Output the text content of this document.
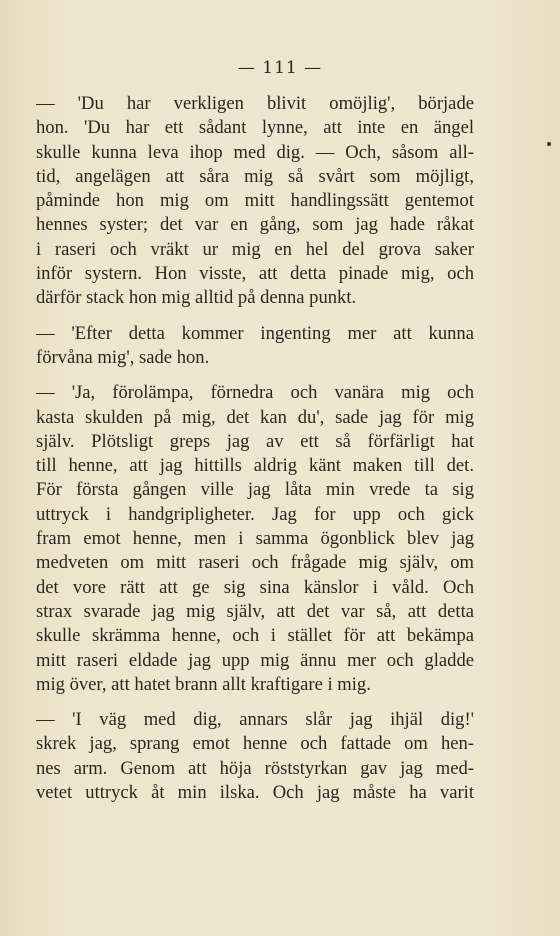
— 111 —

— 'Du har verkligen blivit omöjlig', började
hon. 'Du har ett sådant lynne, att inte en ängel
skulle kunna leva ihop med dig. — Och, såsom all-
tid, angelägen att såra mig så svårt som möjligt,
påminde hon mig om mitt handlingssätt gentemot
hennes syster; det var en gång, som jag hade råkat
i raseri och vräkt ur mig en hel del grova saker
inför systern. Hon visste, att detta pinade mig, och
därför stack hon mig alltid på denna punkt.

— 'Efter detta kommer ingenting mer att kunna
förvåna mig', sade hon.

— 'Ja, förolämpa, förnedra och vanära mig och
kasta skulden på mig, det kan du', sade jag för mig
själv. Plötsligt greps jag av ett så förfärligt hat
till henne, att jag hittills aldrig känt maken till det.
För första gången ville jag låta min vrede ta sig
uttryck i handgripligheter. Jag for upp och gick
fram emot henne, men i samma ögonblick blev jag
medveten om mitt raseri och frågade mig själv, om
det vore rätt att ge sig sina känslor i våld. Och
strax svarade jag mig själv, att det var så, att detta
skulle skrämma henne, och i stället för att bekämpa
mitt raseri eldade jag upp mig ännu mer och gladde
mig över, att hatet brann allt kraftigare i mig.

— 'I väg med dig, annars slår jag ihjäl dig!'
skrek jag, sprang emot henne och fattade om hen-
nes arm. Genom att höja röststyrkan gav jag med-
vetet uttryck åt min ilska. Och jag måste ha varit
